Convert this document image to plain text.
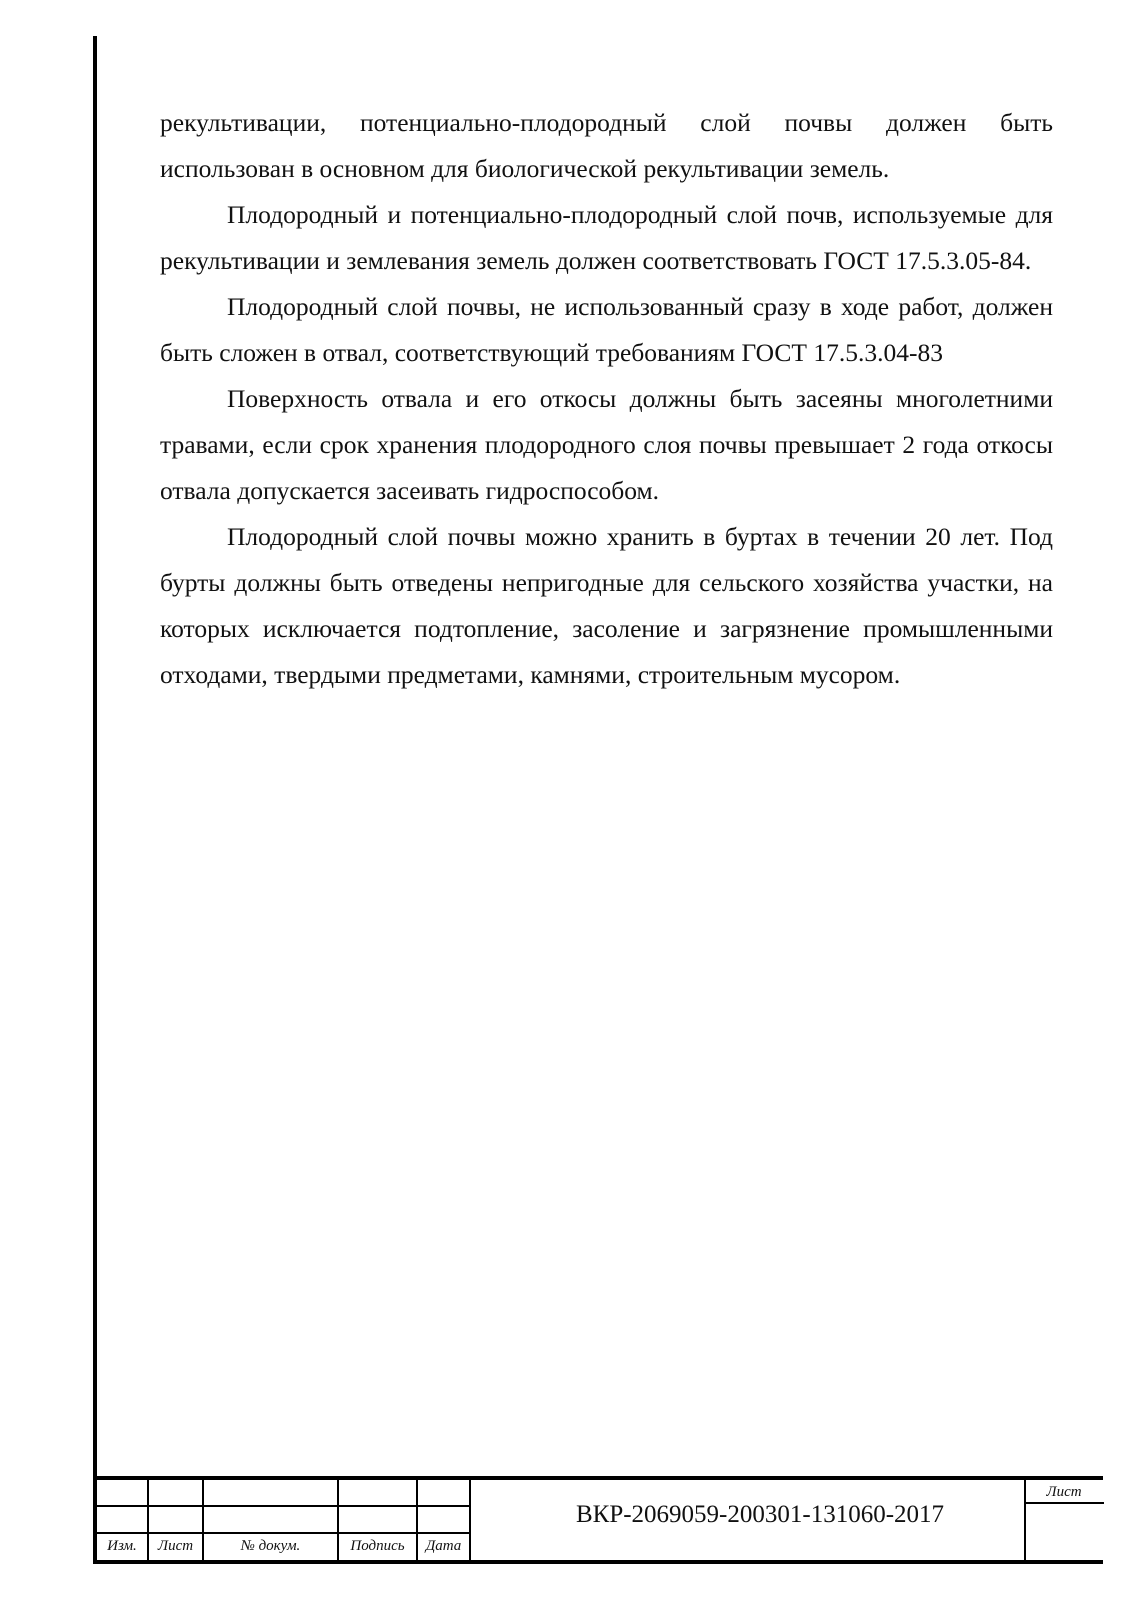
рекультивации, потенциально-плодородный слой почвы должен быть использован в основном для биологической рекультивации земель.

Плодородный и потенциально-плодородный слой почв, используемые для рекультивации и землевания земель должен соответствовать ГОСТ 17.5.3.05-84.

Плодородный слой почвы, не использованный сразу в ходе работ, должен быть сложен в отвал, соответствующий требованиям ГОСТ 17.5.3.04-83

Поверхность отвала и его откосы должны быть засеяны многолетними травами, если срок хранения плодородного слоя почвы превышает 2 года откосы отвала допускается засеивать гидроспособом.

Плодородный слой почвы можно хранить в буртах в течении 20 лет. Под бурты должны быть отведены непригодные для сельского хозяйства участки, на которых исключается подтопление, засоление и загрязнение промышленными отходами, твердыми предметами, камнями, строительным мусором.

Изм.	Лист	№ докум.	Подпись	Дата
ВКР-2069059-200301-131060-2017
Лист
